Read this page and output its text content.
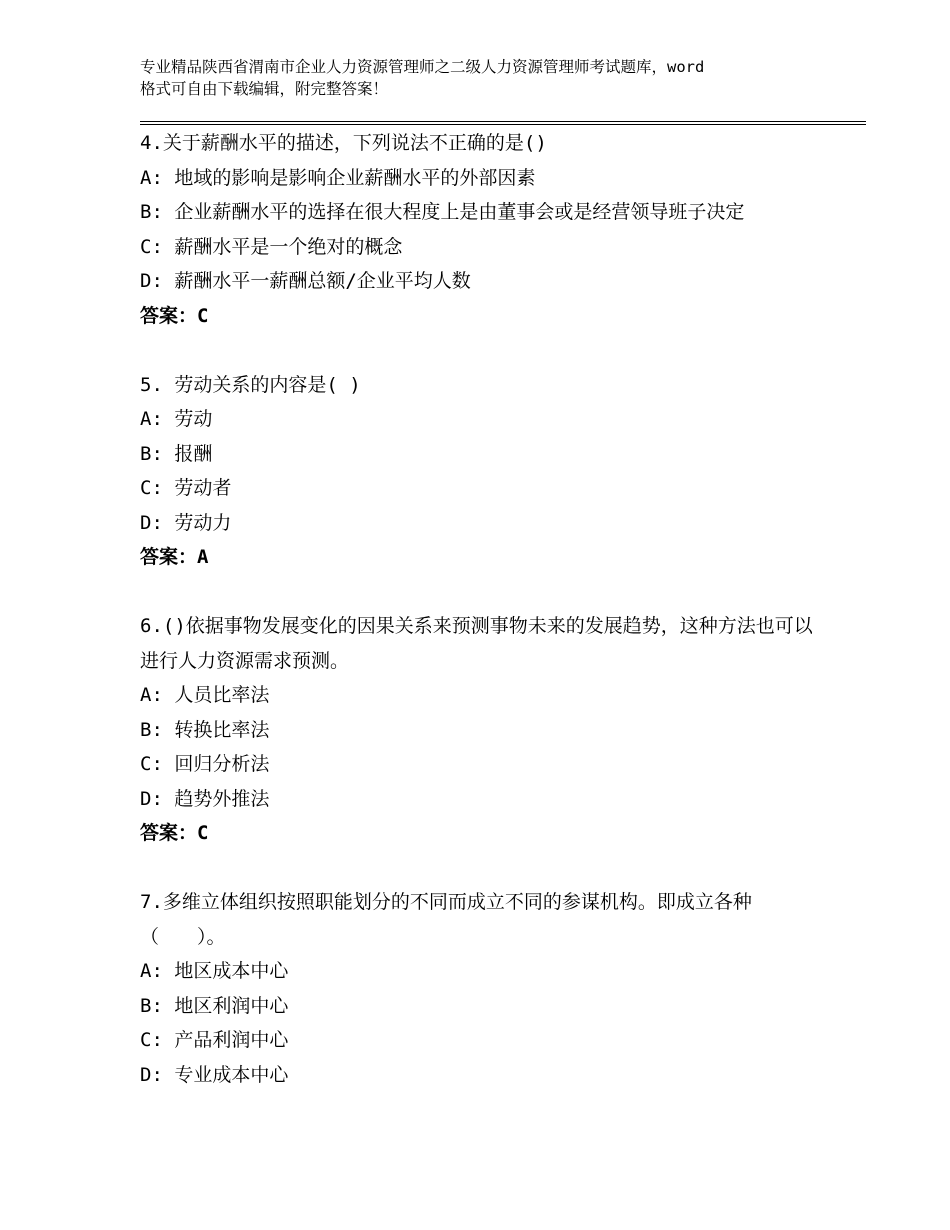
专业精品陕西省渭南市企业人力资源管理师之二级人力资源管理师考试题库，word
格式可自由下载编辑，附完整答案！
4.关于薪酬水平的描述，下列说法不正确的是()
A: 地域的影响是影响企业薪酬水平的外部因素
B: 企业薪酬水平的选择在很大程度上是由董事会或是经营领导班子决定
C: 薪酬水平是一个绝对的概念
D: 薪酬水平一薪酬总额/企业平均人数
答案：C
5. 劳动关系的内容是( )
A: 劳动
B: 报酬
C: 劳动者
D: 劳动力
答案：A
6.()依据事物发展变化的因果关系来预测事物未来的发展趋势，这种方法也可以进行人力资源需求预测。
A: 人员比率法
B: 转换比率法
C: 回归分析法
D: 趋势外推法
答案：C
7.多维立体组织按照职能划分的不同而成立不同的参谋机构。即成立各种（　　）。
A: 地区成本中心
B: 地区利润中心
C: 产品利润中心
D: 专业成本中心
